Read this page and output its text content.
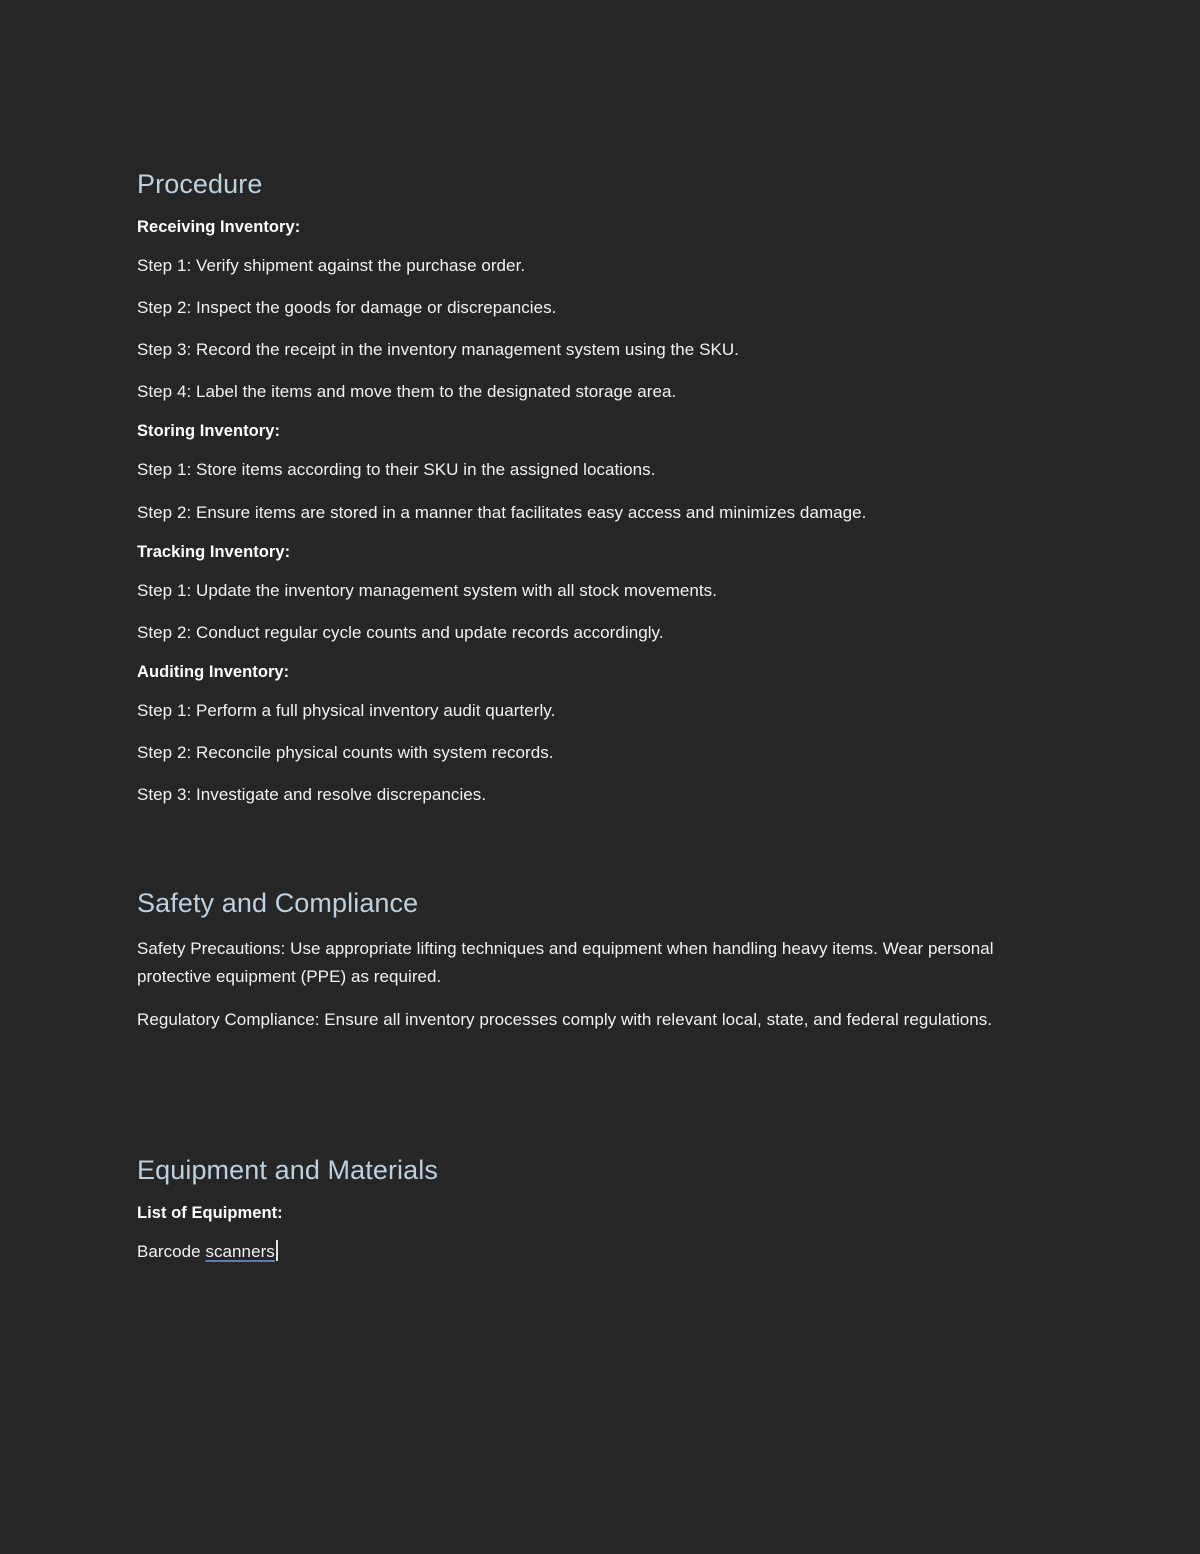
Procedure

Receiving Inventory:

Step 1: Verify shipment against the purchase order.

Step 2: Inspect the goods for damage or discrepancies.

Step 3: Record the receipt in the inventory management system using the SKU.

Step 4: Label the items and move them to the designated storage area.

Storing Inventory:

Step 1: Store items according to their SKU in the assigned locations.

Step 2: Ensure items are stored in a manner that facilitates easy access and minimizes damage.

Tracking Inventory:

Step 1: Update the inventory management system with all stock movements.

Step 2: Conduct regular cycle counts and update records accordingly.

Auditing Inventory:

Step 1: Perform a full physical inventory audit quarterly.

Step 2: Reconcile physical counts with system records.

Step 3: Investigate and resolve discrepancies.

Safety and Compliance

Safety Precautions: Use appropriate lifting techniques and equipment when handling heavy items. Wear personal protective equipment (PPE) as required.

Regulatory Compliance: Ensure all inventory processes comply with relevant local, state, and federal regulations.

Equipment and Materials

List of Equipment:

Barcode scanners
